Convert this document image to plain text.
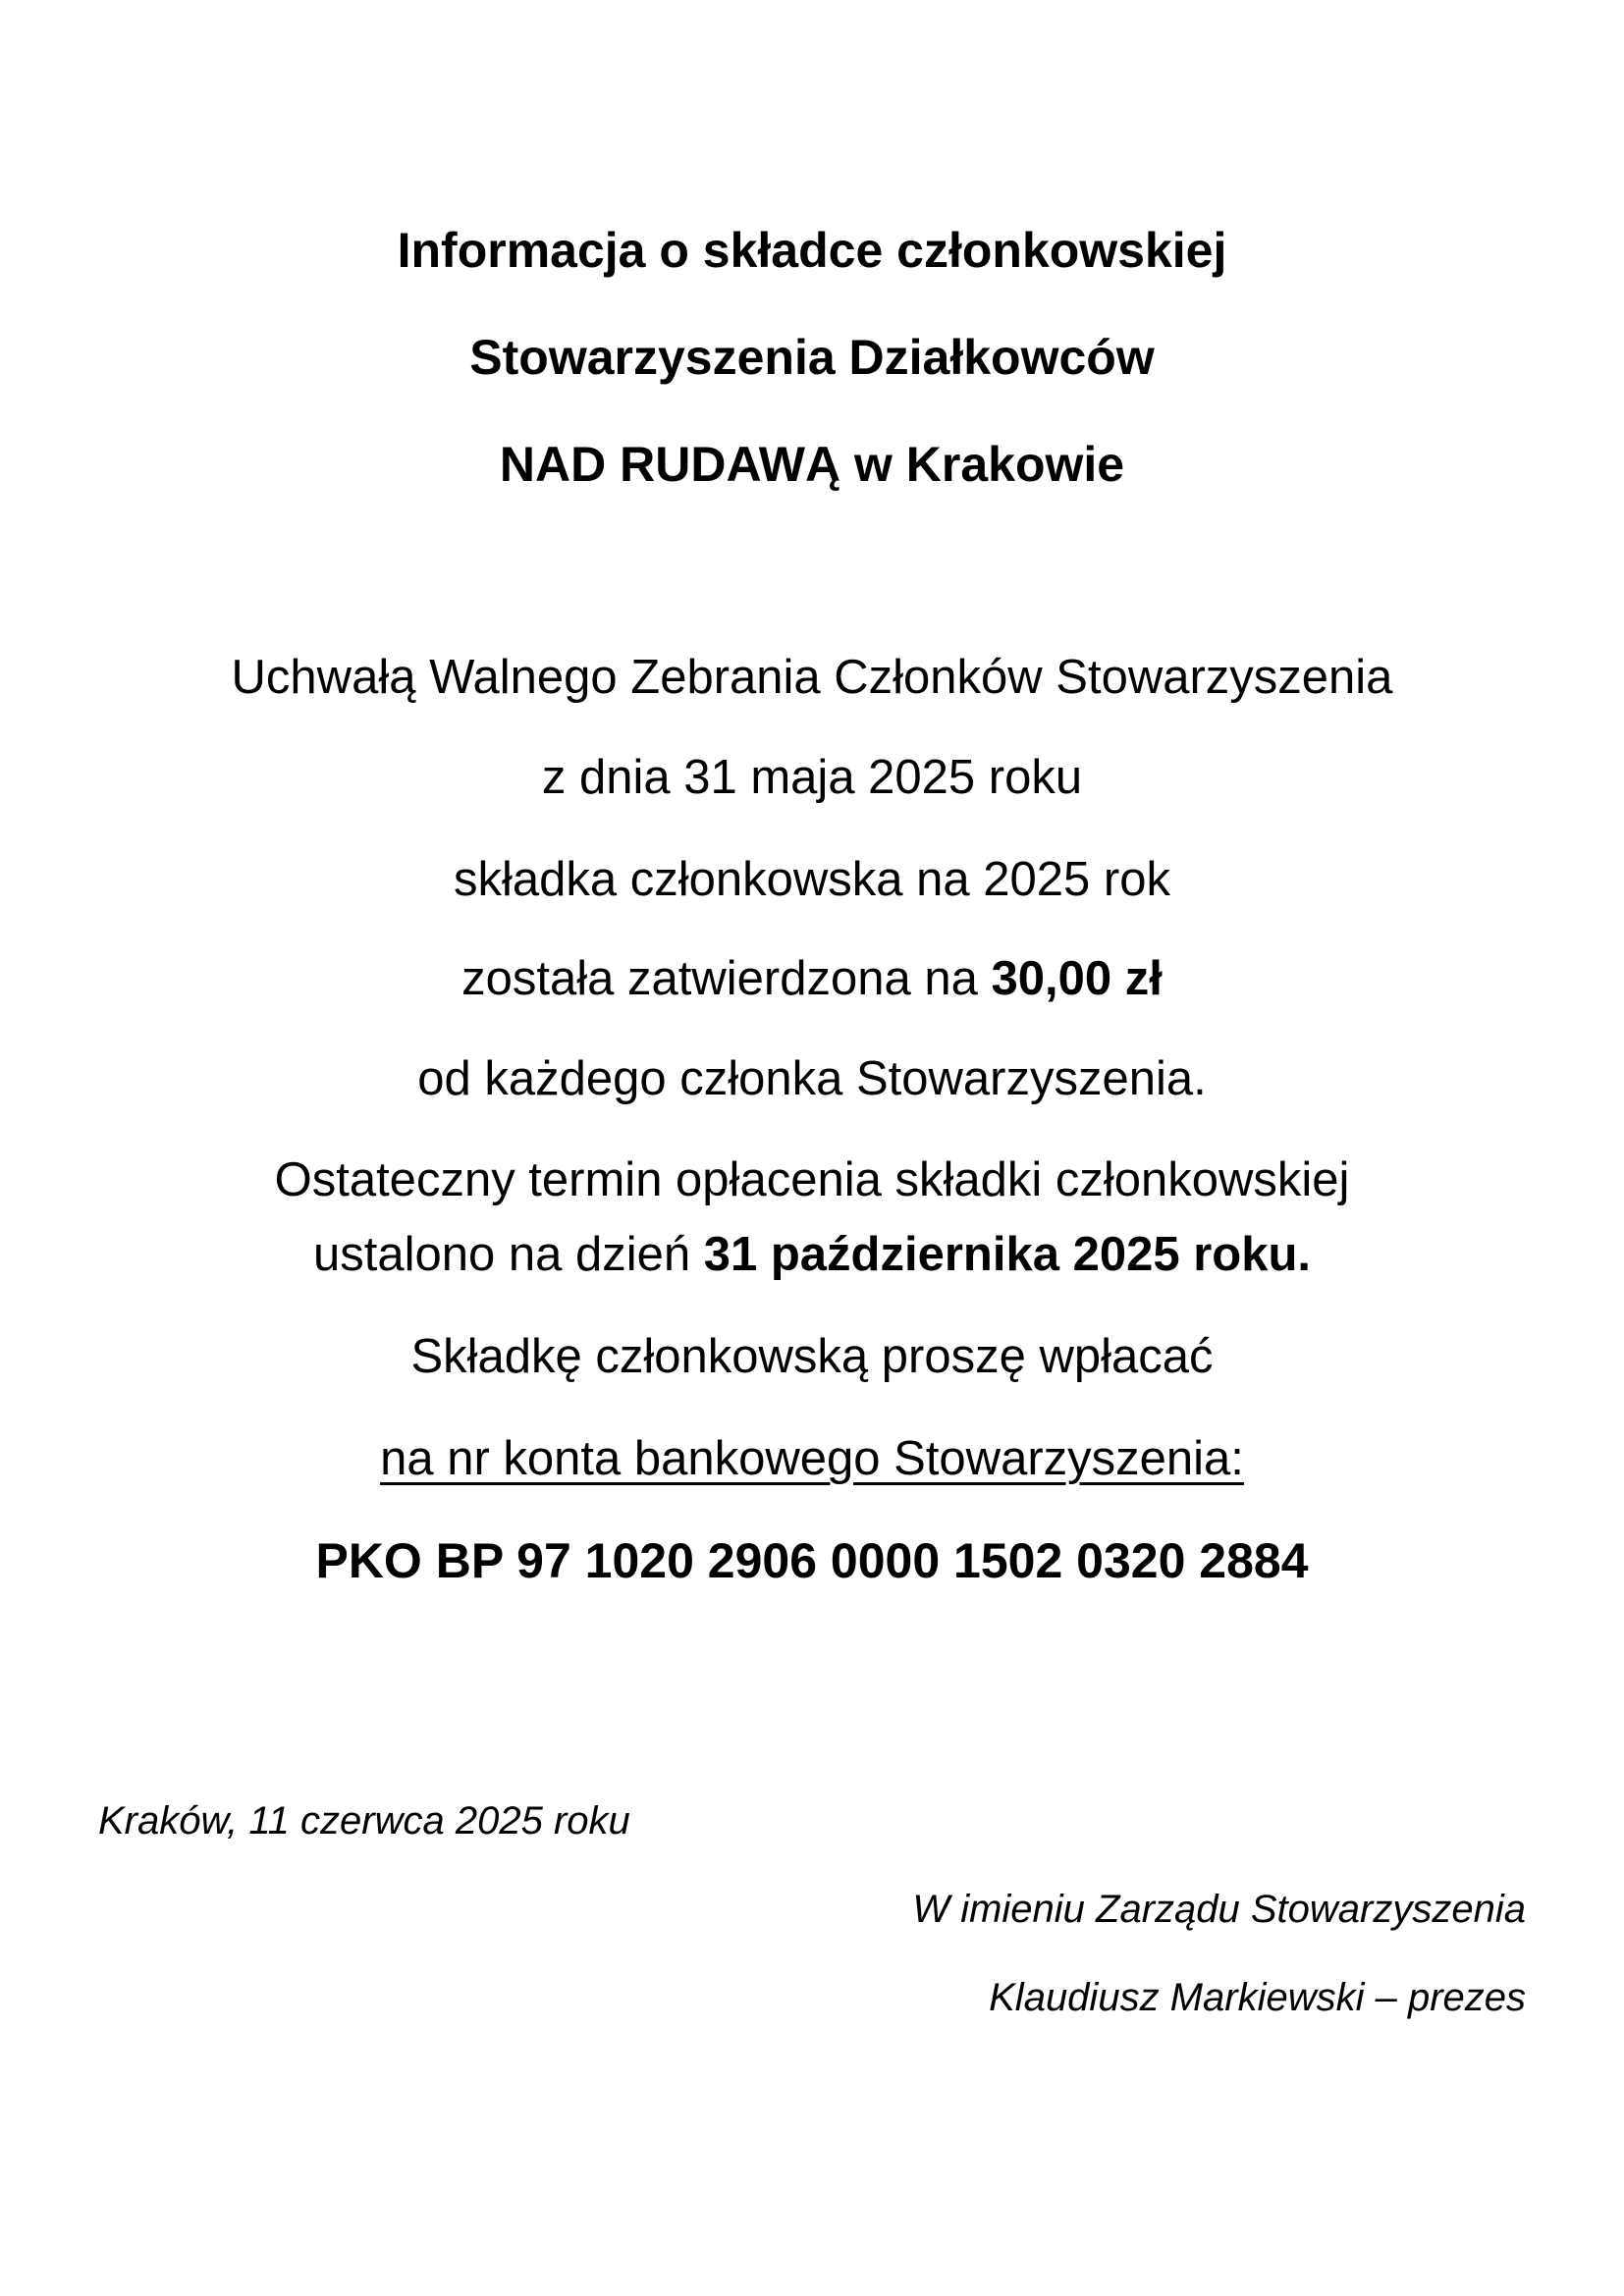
Informacja o składce członkowskiej
Stowarzyszenia Działkowców
NAD RUDAWĄ w Krakowie
Uchwałą Walnego Zebrania Członków Stowarzyszenia
z dnia 31 maja 2025 roku
składka członkowska na 2025 rok
została zatwierdzona na 30,00 zł
od każdego członka Stowarzyszenia.
Ostateczny termin opłacenia składki członkowskiej
ustalono na dzień 31 października 2025 roku.
Składkę członkowską proszę wpłacać
na nr konta bankowego Stowarzyszenia:
PKO BP 97 1020 2906 0000 1502 0320 2884
Kraków, 11 czerwca 2025 roku
W imieniu Zarządu Stowarzyszenia
Klaudiusz Markiewski – prezes
